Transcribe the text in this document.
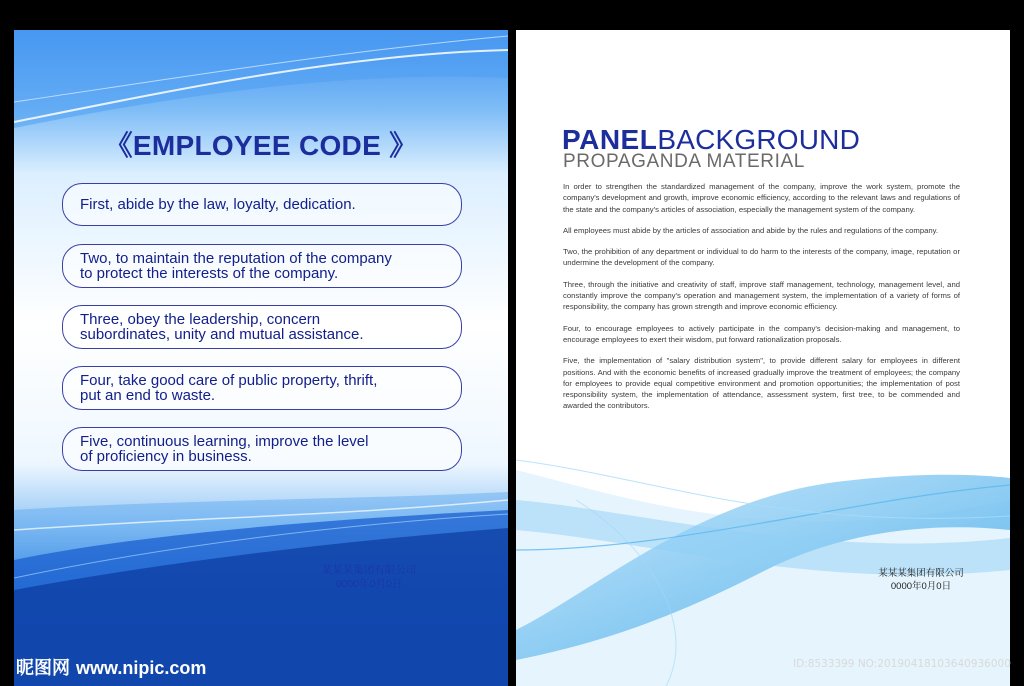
《EMPLOYEE CODE 》
First, abide by the law, loyalty, dedication.
Two, to maintain the reputation of the company
to protect the interests of the company.
Three, obey the leadership, concern
subordinates, unity and mutual assistance.
Four, take good care of public property, thrift,
put an end to waste.
Five, continuous learning, improve the level
of proficiency in business.
某某某集团有限公司
0000年0月0日
PANELBACKGROUND
PROPAGANDA MATERIAL

In order to strengthen the standardized management of the company, improve the work system, promote the company's development and growth, improve economic efficiency, according to the relevant laws and regulations of the state and the company's articles of association, especially the management system of the company.

All employees must abide by the articles of association and abide by the rules and regulations of the company.

Two, the prohibition of any department or individual to do harm to the interests of the company, image, reputation or undermine the development of the company.

Three, through the initiative and creativity of staff, improve staff management, technology, management level, and constantly improve the company's operation and management system, the implementation of a variety of forms of responsibility, the company has grown strength and improve economic efficiency.

Four, to encourage employees to actively participate in the company's decision-making and management, to encourage employees to exert their wisdom, put forward rationalization proposals.

Five, the implementation of "salary distribution system", to provide different salary for employees in different positions. And with the economic benefits of increased gradually improve the treatment of employees; the company for employees to provide equal competitive environment and promotion opportunities; the implementation of post responsibility system, the implementation of attendance, assessment system, first tree, to be commended and awarded the contributors.

某某某集团有限公司
0000年0月0日
昵图网 www.nipic.com	ID:8533399 NO:20190418103640936000
